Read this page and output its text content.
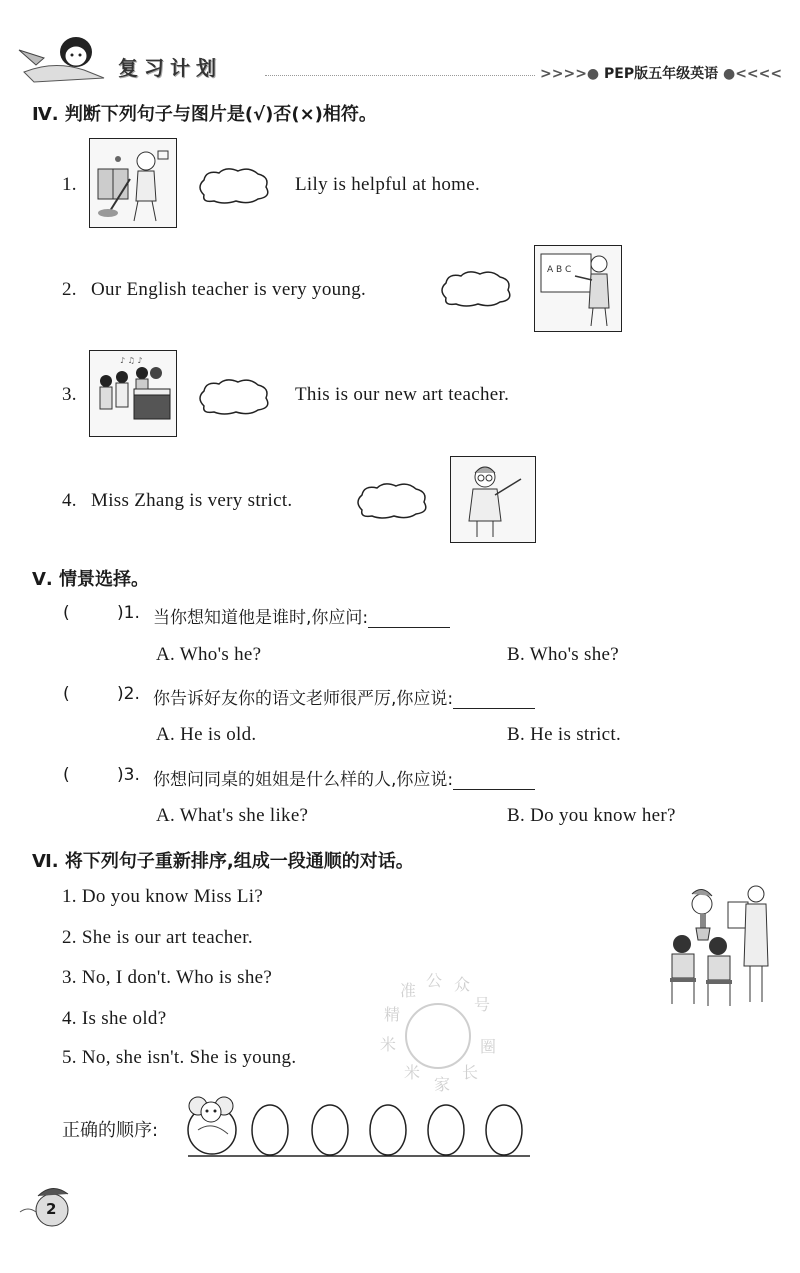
复习计划	>>>>● PEP版五年级英语 ●<<<<
Ⅳ. 判断下列句子与图片是(√)否(×)相符。
1.	Lily is helpful at home.
2. Our English teacher is very young.
A B C
3.
♪ ♫ ♪
This is our new art teacher.
4. Miss Zhang is very strict.
Ⅴ. 情景选择。
(	)1. 当你想知道他是谁时,你应问:
A. Who's he?	B. Who's she?
(	)2. 你告诉好友你的语文老师很严厉,你应说:
A. He is old.	B. He is strict.
(	)3. 你想问同桌的姐姐是什么样的人,你应说:
A. What's she like?	B. Do you know her?
Ⅵ. 将下列句子重新排序,组成一段通顺的对话。
1. Do you know Miss Li?
2. She is our art teacher.
3. No, I don't. Who is she?
4. Is she old?
5. No, she isn't. She is young.
精
准
公 众
号
米
米
家
长
圈
正确的顺序:
2
